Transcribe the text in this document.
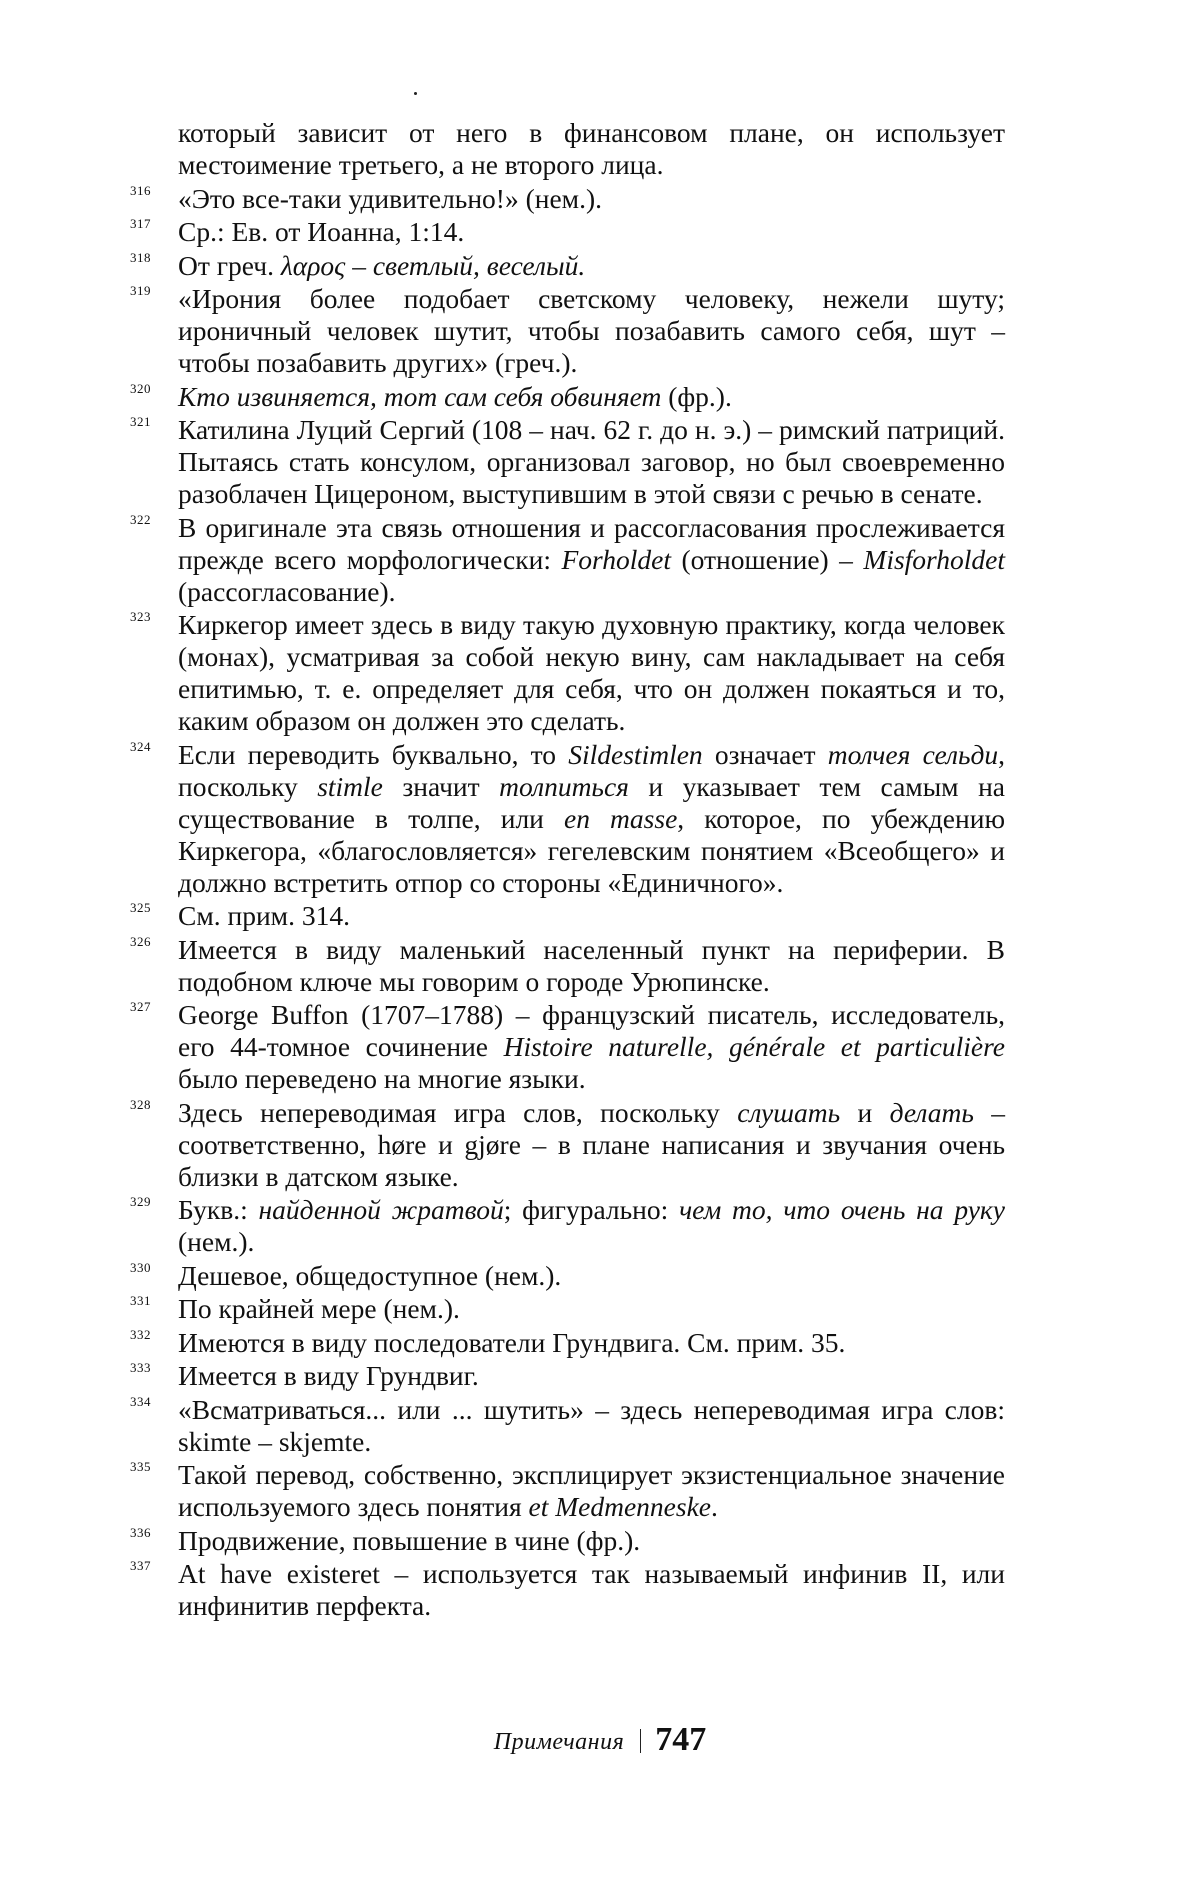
который зависит от него в финансовом плане, он использует местоимение третьего, а не второго лица.
316 «Это все-таки удивительно!» (нем.).
317 Ср.: Ев. от Иоанна, 1:14.
318 От греч. λαρος – светлый, веселый.
319 «Ирония более подобает светскому человеку, нежели шуту; ироничный человек шутит, чтобы позабавить самого себя, шут – чтобы позабавить других» (греч.).
320 Кто извиняется, тот сам себя обвиняет (фр.).
321 Катилина Луций Сергий (108 – нач. 62 г. до н. э.) – римский патриций. Пытаясь стать консулом, организовал заговор, но был своевременно разоблачен Цицероном, выступившим в этой связи с речью в сенате.
322 В оригинале эта связь отношения и рассогласования прослеживается прежде всего морфологически: Forholdet (отношение) – Misforholdet (рассогласование).
323 Киркегор имеет здесь в виду такую духовную практику, когда человек (монах), усматривая за собой некую вину, сам накладывает на себя епитимью, т. е. определяет для себя, что он должен покаяться и то, каким образом он должен это сделать.
324 Если переводить буквально, то Sildestimlen означает толчея сельди, поскольку stimle значит толпиться и указывает тем самым на существование в толпе, или en masse, которое, по убеждению Киркегора, «благословляется» гегелевским понятием «Всеобщего» и должно встретить отпор со стороны «Единичного».
325 См. прим. 314.
326 Имеется в виду маленький населенный пункт на периферии. В подобном ключе мы говорим о городе Урюпинске.
327 George Buffon (1707–1788) – французский писатель, исследователь, его 44-томное сочинение Histoire naturelle, générale et particulière было переведено на многие языки.
328 Здесь непереводимая игра слов, поскольку слушать и делать – соответственно, høre и gjøre – в плане написания и звучания очень близки в датском языке.
329 Букв.: найденной жратвой; фигурально: чем то, что очень на руку (нем.).
330 Дешевое, общедоступное (нем.).
331 По крайней мере (нем.).
332 Имеются в виду последователи Грундвига. См. прим. 35.
333 Имеется в виду Грундвиг.
334 «Всматриваться... или ... шутить» – здесь непереводимая игра слов: skimte – skjemte.
335 Такой перевод, собственно, эксплицирует экзистенциальное значение используемого здесь понятия et Medmenneske.
336 Продвижение, повышение в чине (фр.).
337 At have existeret – используется так называемый инфинив II, или инфинитив перфекта.
Примечания 747
